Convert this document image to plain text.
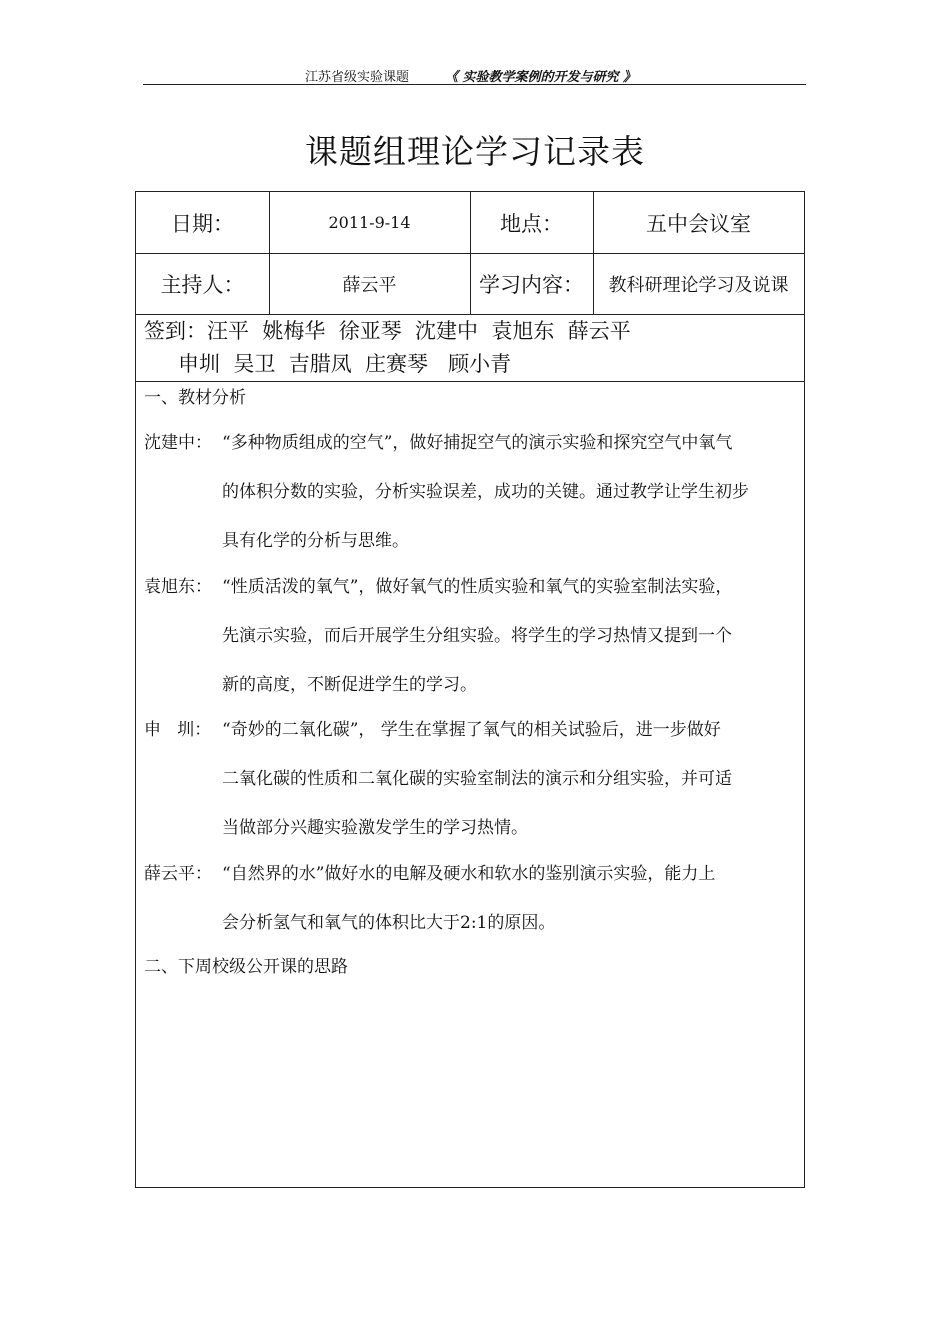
江苏省级实验课题	《 实验教学案例的开发与研究 》
课题组理论学习记录表
日期：	2011-9-14	地点：	五中会议室
主持人：	薛云平	学习内容：	教科研理论学习及说课
签到：汪平  姚梅华  徐亚琴  沈建中  袁旭东  薛云平
申圳  吴卫  吉腊凤  庄赛琴   顾小青
一、教材分析
沈建中： “多种物质组成的空气”，做好捕捉空气的演示实验和探究空气中氧气
的体积分数的实验，分析实验误差，成功的关键。通过教学让学生初步
具有化学的分析与思维。
袁旭东： “性质活泼的氧气”，做好氧气的性质实验和氧气的实验室制法实验，
先演示实验，而后开展学生分组实验。将学生的学习热情又提到一个
新的高度，不断促进学生的学习。
申   圳： “奇妙的二氧化碳”， 学生在掌握了氧气的相关试验后，进一步做好
二氧化碳的性质和二氧化碳的实验室制法的演示和分组实验，并可适
当做部分兴趣实验激发学生的学习热情。
薛云平： “自然界的水”做好水的电解及硬水和软水的鉴别演示实验，能力上
会分析氢气和氧气的体积比大于2:1的原因。
二、下周校级公开课的思路
